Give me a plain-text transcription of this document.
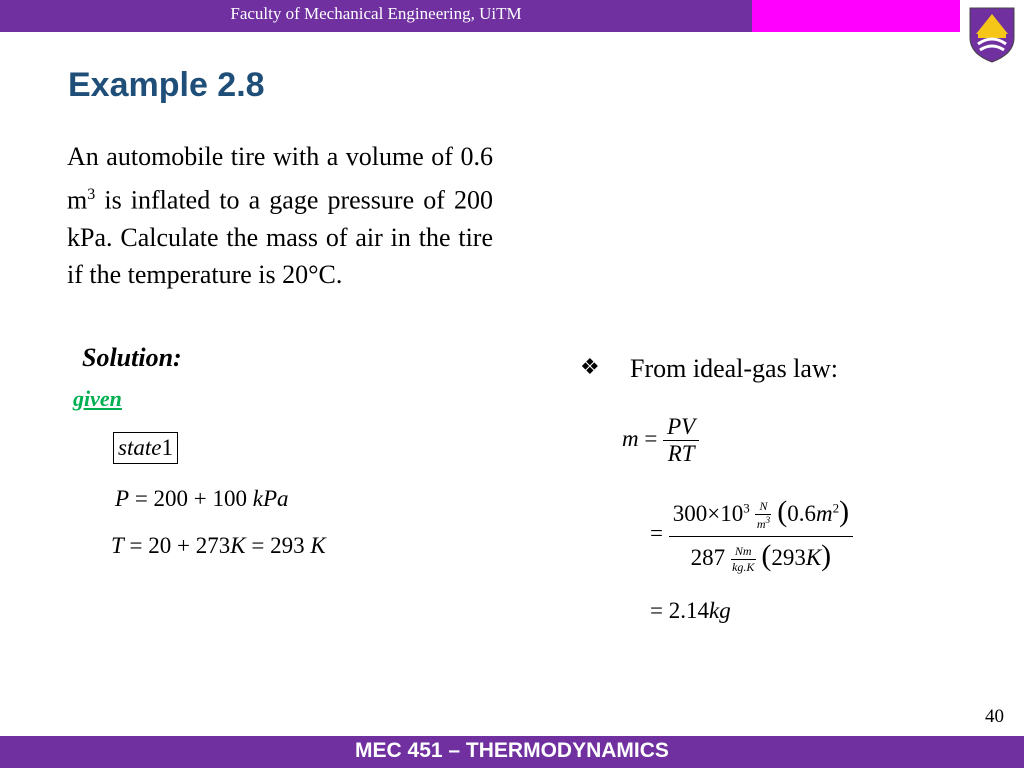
Faculty of Mechanical Engineering, UiTM
Example 2.8
An automobile tire with a volume of 0.6 $m^3$ is inflated to a gage pressure of 200 kPa. Calculate the mass of air in the tire if the temperature is 20°C.
Solution:
given
state1
P = 200 + 100 kPa
T = 20 + 273K = 293 K
❖ From ideal-gas law:
$m = \frac{PV}{RT}$
= $\frac{300\times 10^3 \frac{N}{m^3} (0.6m^2)}{287 \frac{Nm}{kg.K} (293K)}$
= 2.14kg
40
MEC 451 – THERMODYNAMICS
